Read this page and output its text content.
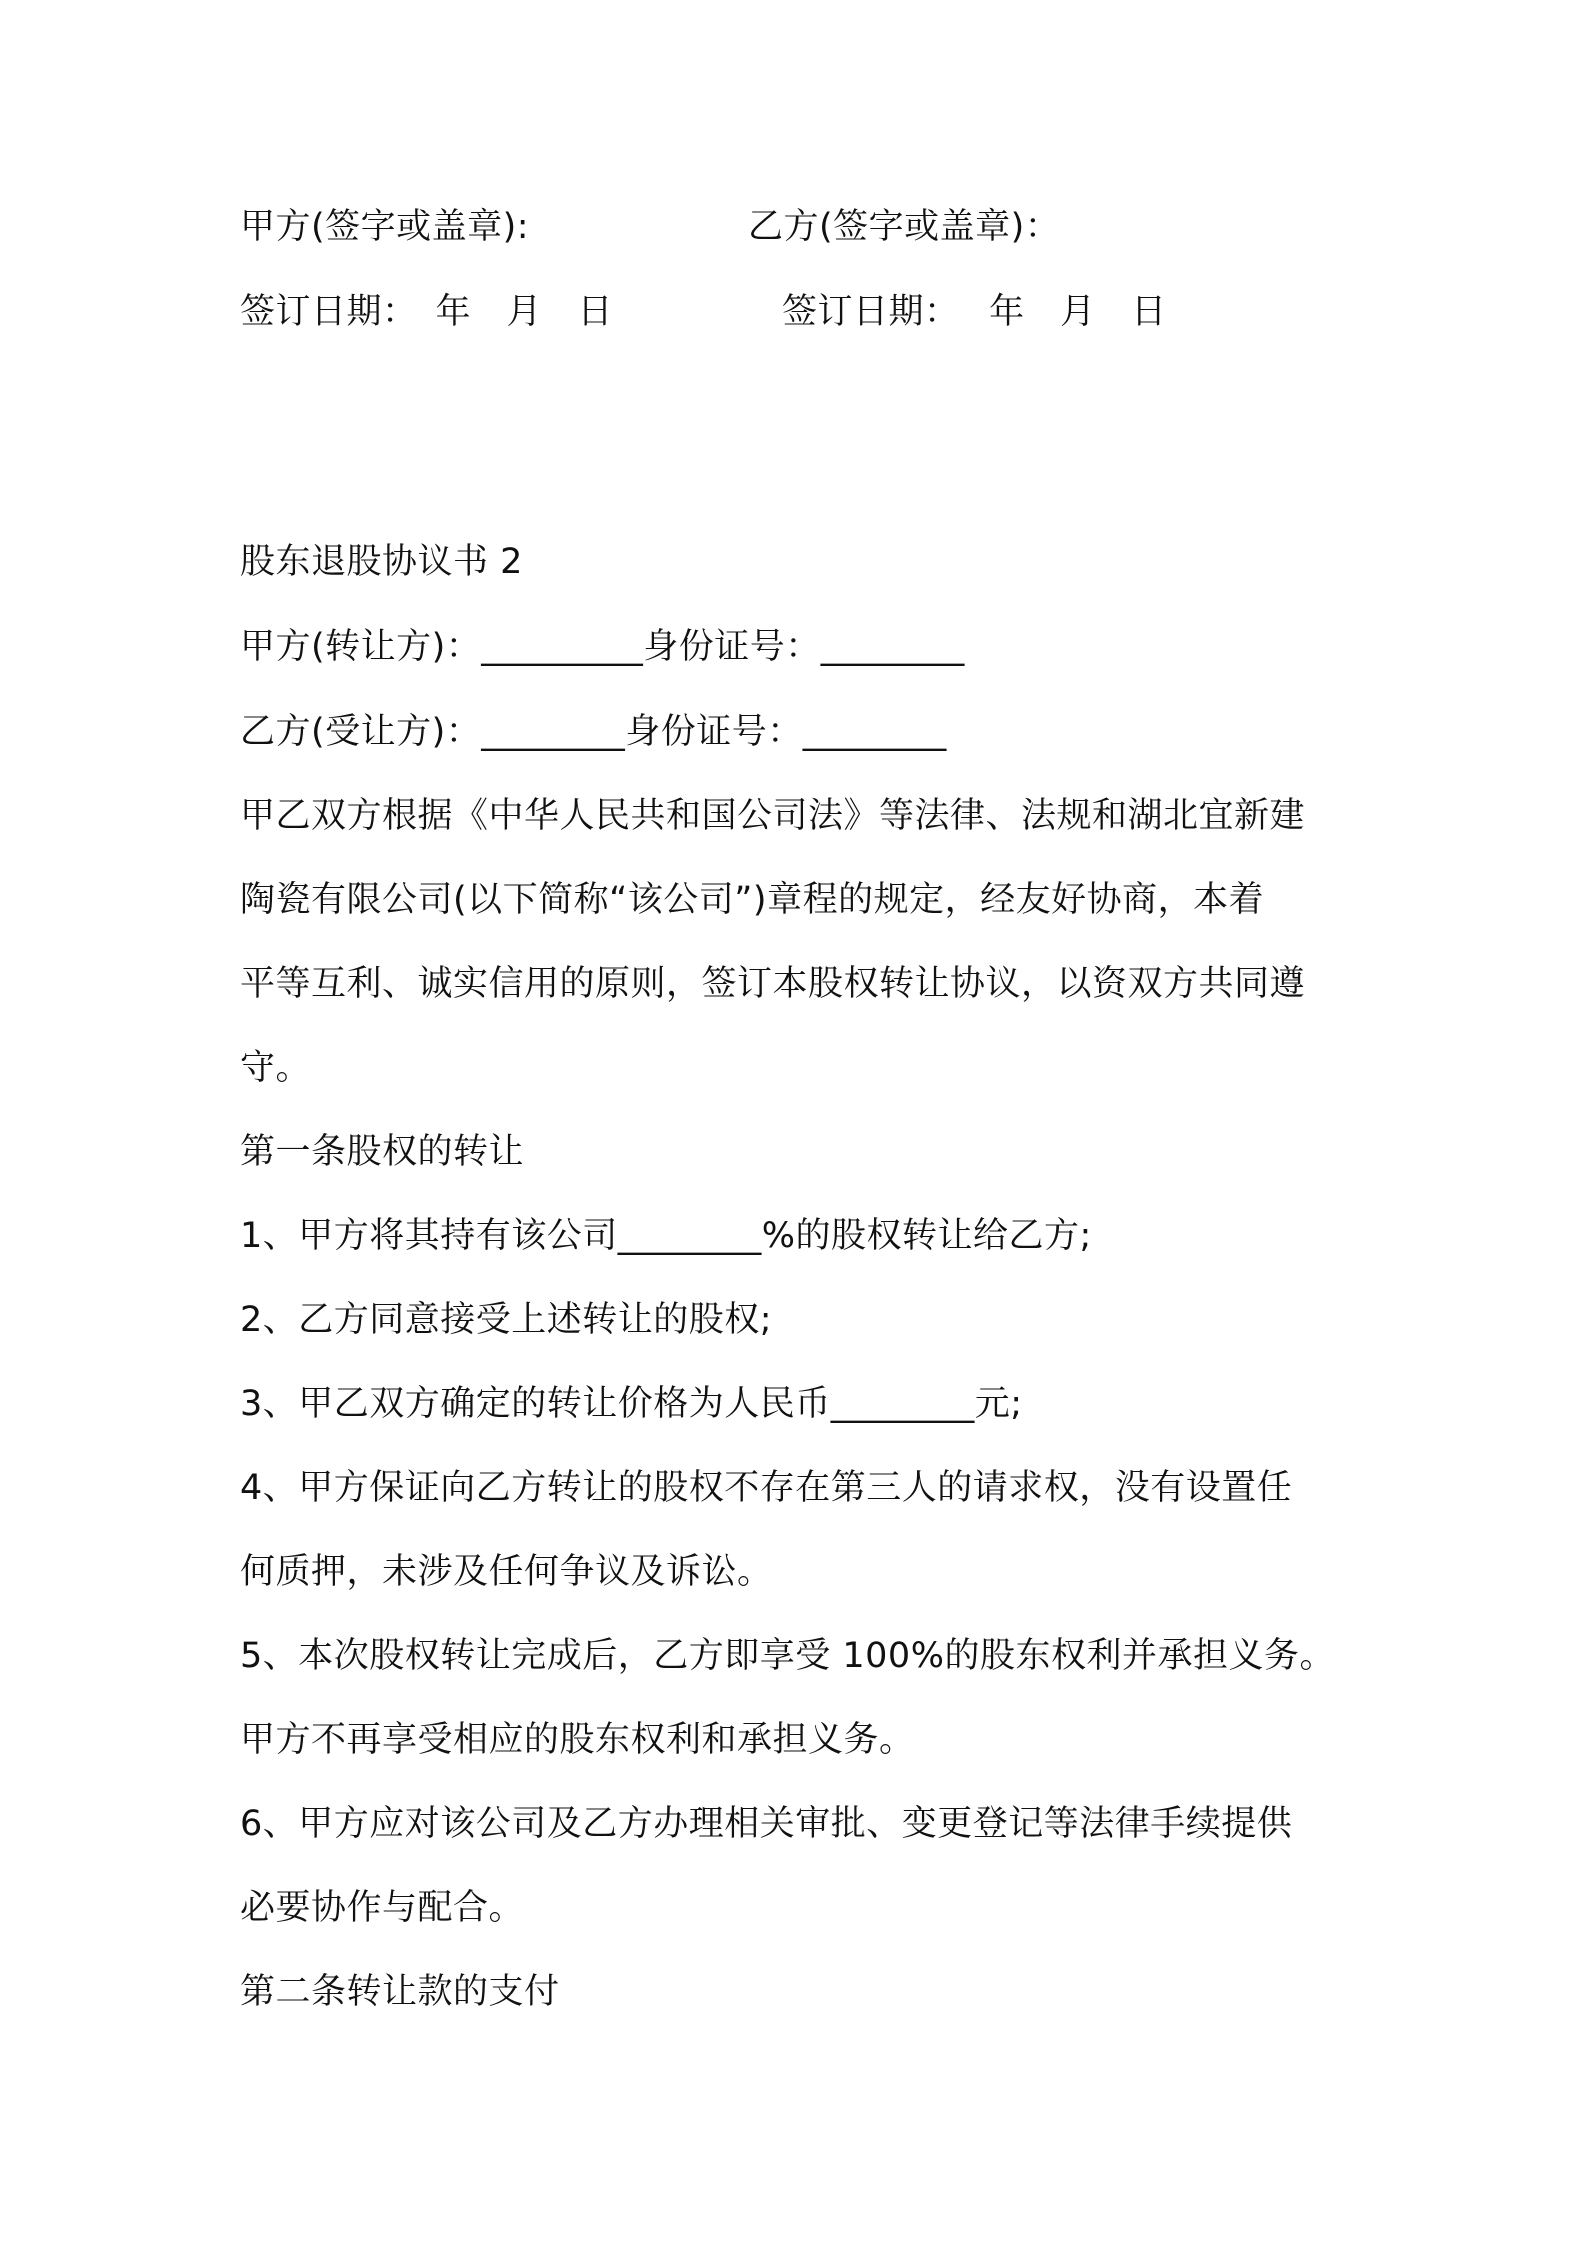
甲方(签字或盖章):	乙方(签字或盖章)：
签订日期：　年　月　日	签订日期：　 年　月　日
股东退股协议书 2
甲方(转让方)：_________身份证号：________
乙方(受让方)：________身份证号：________
甲乙双方根据《中华人民共和国公司法》等法律、法规和湖北宜新建
陶瓷有限公司(以下简称“该公司”)章程的规定，经友好协商，本着
平等互利、诚实信用的原则，签订本股权转让协议，以资双方共同遵
守。
第一条股权的转让
1、甲方将其持有该公司________%的股权转让给乙方;
2、乙方同意接受上述转让的股权;
3、甲乙双方确定的转让价格为人民币________元;
4、甲方保证向乙方转让的股权不存在第三人的请求权，没有设置任
何质押，未涉及任何争议及诉讼。
5、本次股权转让完成后，乙方即享受 100%的股东权利并承担义务。
甲方不再享受相应的股东权利和承担义务。
6、甲方应对该公司及乙方办理相关审批、变更登记等法律手续提供
必要协作与配合。
第二条转让款的支付
